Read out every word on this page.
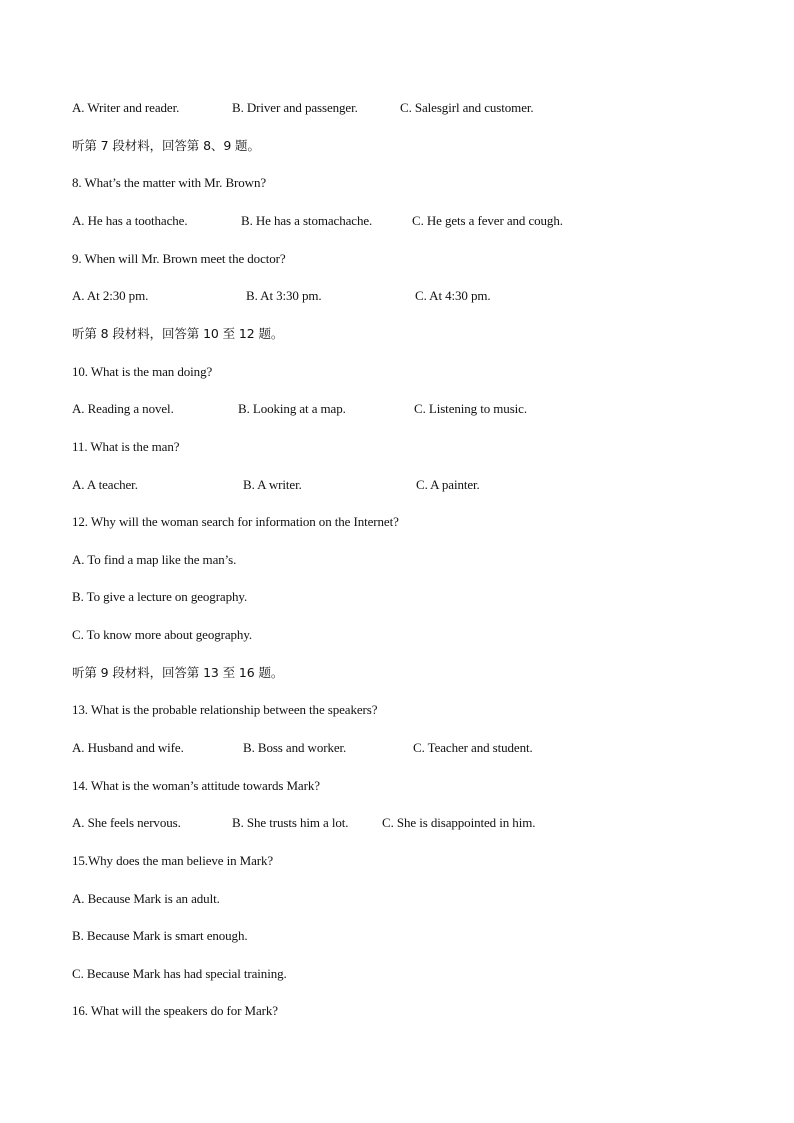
A. Writer and reader.	B. Driver and passenger.	C. Salesgirl and customer.
听第 7 段材料，回答第 8、9 题。
8. What’s the matter with Mr. Brown?
A. He has a toothache.	B. He has a stomachache.	C. He gets a fever and cough.
9. When will Mr. Brown meet the doctor?
A. At 2:30 pm.	B. At 3:30 pm.	C. At 4:30 pm.
听第 8 段材料，回答第 10 至 12 题。
10. What is the man doing?
A. Reading a novel.	B. Looking at a map.	C. Listening to music.
11. What is the man?
A. A teacher.	B. A writer.	C. A painter.
12. Why will the woman search for information on the Internet?
A. To find a map like the man’s.
B. To give a lecture on geography.
C. To know more about geography.
听第 9 段材料，回答第 13 至 16 题。
13. What is the probable relationship between the speakers?
A. Husband and wife.	B. Boss and worker.	C. Teacher and student.
14. What is the woman’s attitude towards Mark?
A. She feels nervous.	B. She trusts him a lot.	C. She is disappointed in him.
15.Why does the man believe in Mark?
A. Because Mark is an adult.
B. Because Mark is smart enough.
C. Because Mark has had special training.
16. What will the speakers do for Mark?
